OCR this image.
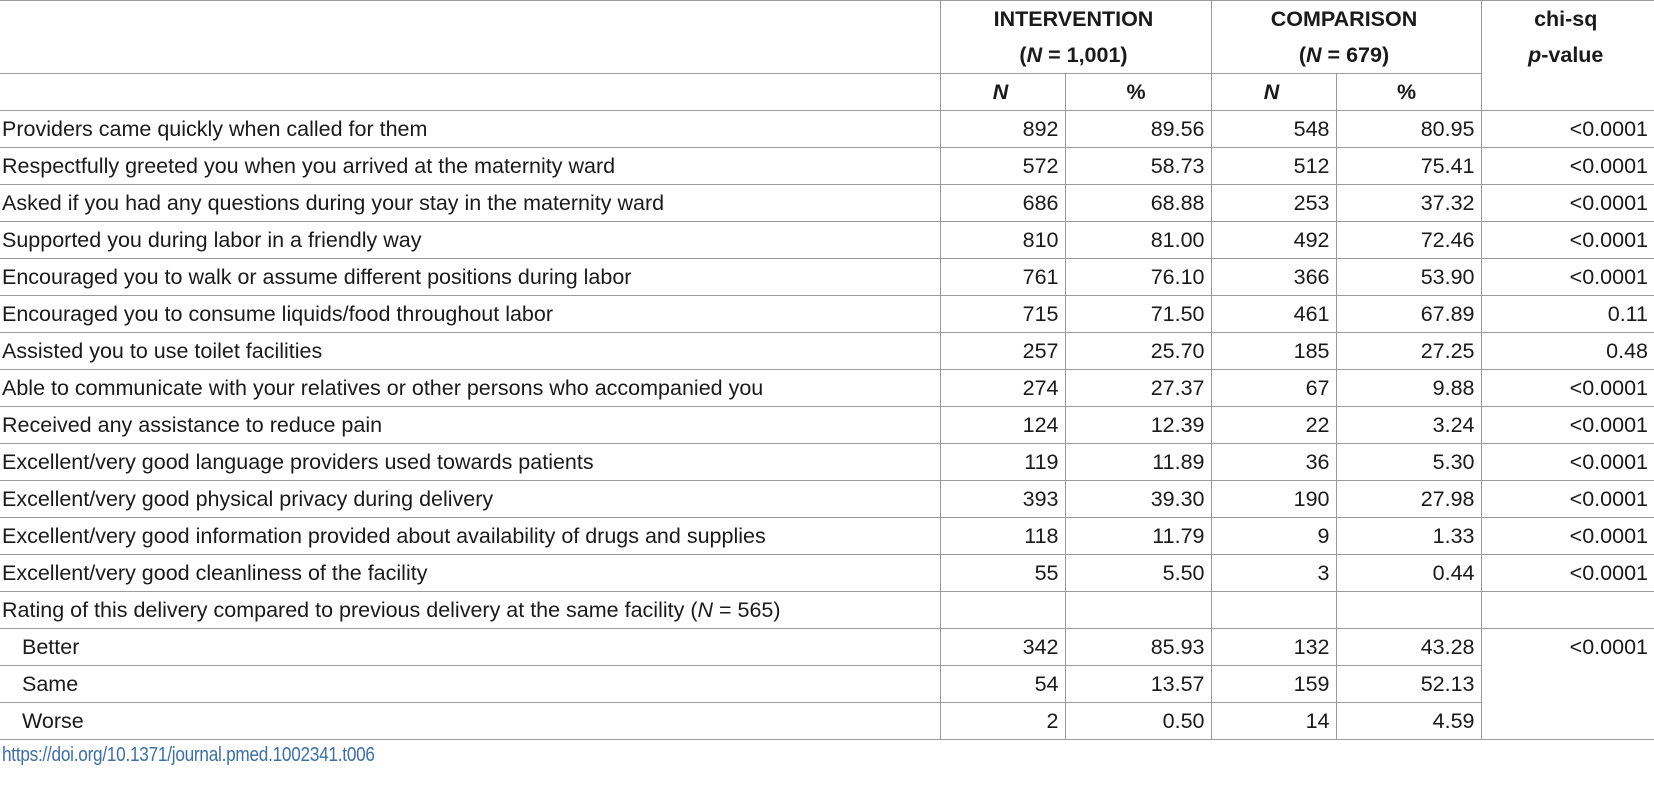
	INTERVENTION
(N = 1,001)		COMPARISON
(N = 679)		chi-sq
p-value
	N	%	N	%	
Providers came quickly when called for them	892	89.56	548	80.95	<0.0001
Respectfully greeted you when you arrived at the maternity ward	572	58.73	512	75.41	<0.0001
Asked if you had any questions during your stay in the maternity ward	686	68.88	253	37.32	<0.0001
Supported you during labor in a friendly way	810	81.00	492	72.46	<0.0001
Encouraged you to walk or assume different positions during labor	761	76.10	366	53.90	<0.0001
Encouraged you to consume liquids/food throughout labor	715	71.50	461	67.89	0.11
Assisted you to use toilet facilities	257	25.70	185	27.25	0.48
Able to communicate with your relatives or other persons who accompanied you	274	27.37	67	9.88	<0.0001
Received any assistance to reduce pain	124	12.39	22	3.24	<0.0001
Excellent/very good language providers used towards patients	119	11.89	36	5.30	<0.0001
Excellent/very good physical privacy during delivery	393	39.30	190	27.98	<0.0001
Excellent/very good information provided about availability of drugs and supplies	118	11.79	9	1.33	<0.0001
Excellent/very good cleanliness of the facility	55	5.50	3	0.44	<0.0001
Rating of this delivery compared to previous delivery at the same facility (N = 565)					
Better	342	85.93	132	43.28	<0.0001
Same	54	13.57	159	52.13	
Worse	2	0.50	14	4.59	
https://doi.org/10.1371/journal.pmed.1002341.t006
